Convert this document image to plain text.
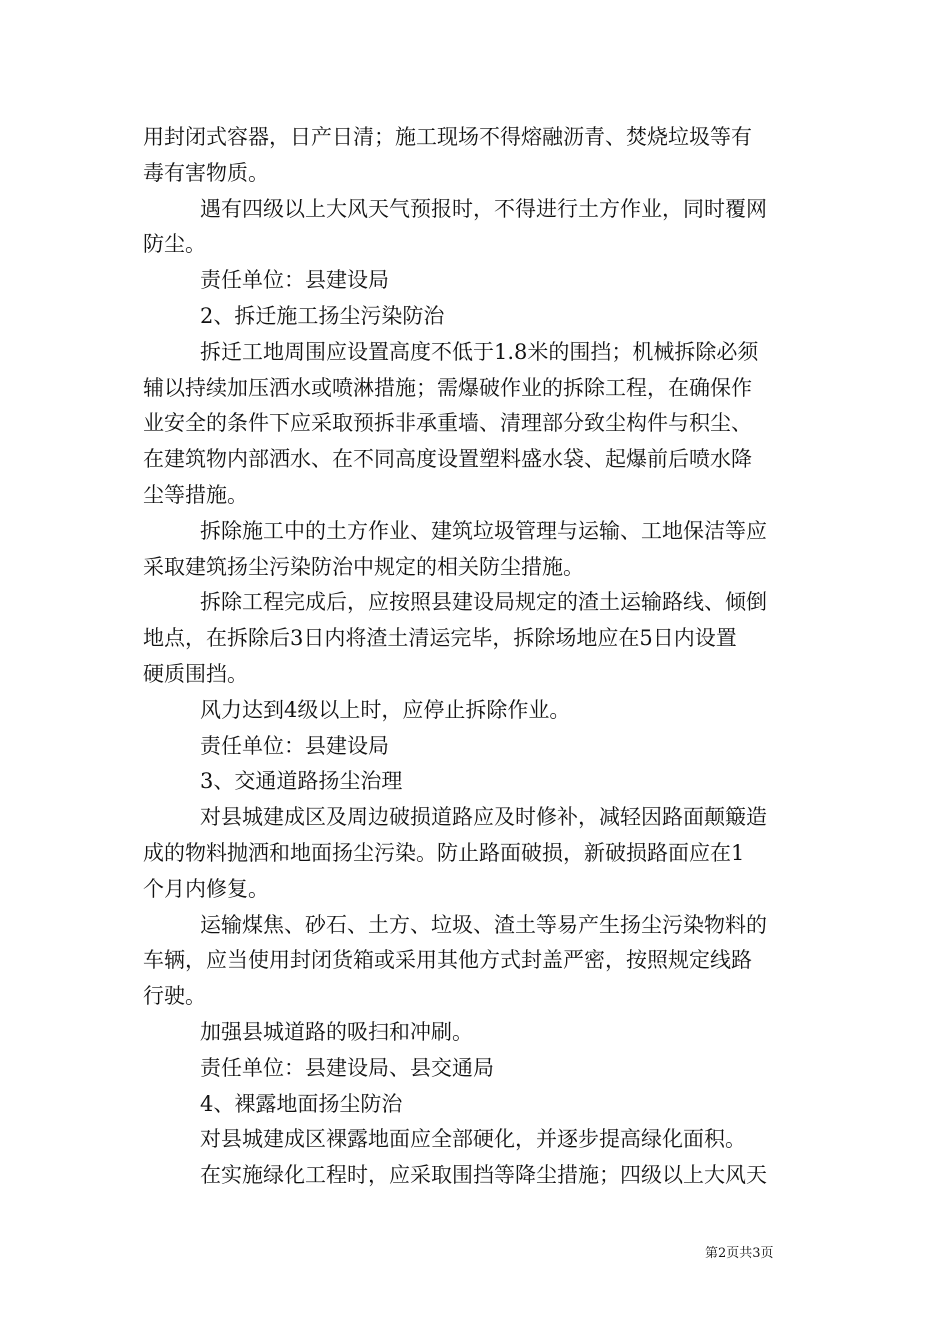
用封闭式容器，日产日清；施工现场不得熔融沥青、焚烧垃圾等有
毒有害物质。
遇有四级以上大风天气预报时，不得进行土方作业，同时覆网
防尘。
责任单位：县建设局
2、拆迁施工扬尘污染防治
拆迁工地周围应设置高度不低于1.8米的围挡；机械拆除必须
辅以持续加压洒水或喷淋措施；需爆破作业的拆除工程，在确保作
业安全的条件下应采取预拆非承重墙、清理部分致尘构件与积尘、
在建筑物内部洒水、在不同高度设置塑料盛水袋、起爆前后喷水降
尘等措施。
拆除施工中的土方作业、建筑垃圾管理与运输、工地保洁等应
采取建筑扬尘污染防治中规定的相关防尘措施。
拆除工程完成后，应按照县建设局规定的渣土运输路线、倾倒
地点，在拆除后3日内将渣土清运完毕，拆除场地应在5日内设置
硬质围挡。
风力达到4级以上时，应停止拆除作业。
责任单位：县建设局
3、交通道路扬尘治理
对县城建成区及周边破损道路应及时修补，减轻因路面颠簸造
成的物料抛洒和地面扬尘污染。防止路面破损，新破损路面应在1
个月内修复。
运输煤焦、砂石、土方、垃圾、渣土等易产生扬尘污染物料的
车辆，应当使用封闭货箱或采用其他方式封盖严密，按照规定线路
行驶。
加强县城道路的吸扫和冲刷。
责任单位：县建设局、县交通局
4、裸露地面扬尘防治
对县城建成区裸露地面应全部硬化，并逐步提高绿化面积。
在实施绿化工程时，应采取围挡等降尘措施；四级以上大风天
第2页共3页
